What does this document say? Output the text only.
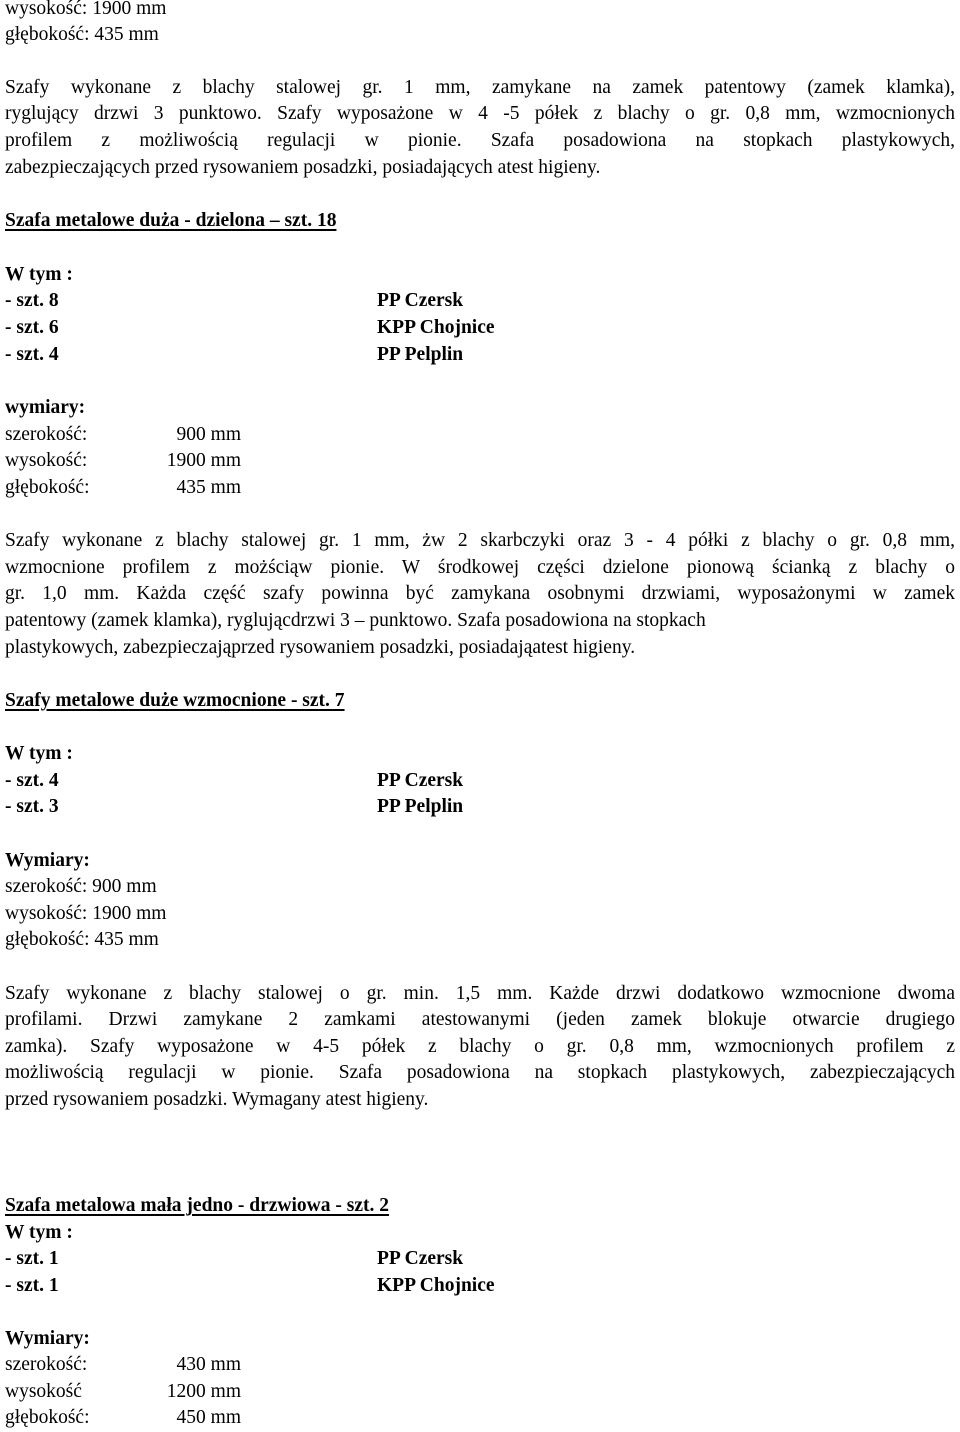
wysokość: 1900 mm
głębokość: 435 mm
Szafy wykonane z blachy stalowej gr. 1 mm, zamykane na zamek patentowy (zamek klamka),
ryglujący drzwi 3 punktowo. Szafy wyposażone w 4 -5 półek z blachy o gr. 0,8 mm, wzmocnionych
profilem z możliwością regulacji w pionie. Szafa posadowiona na stopkach plastykowych,
zabezpieczających przed rysowaniem posadzki, posiadających atest higieny.
Szafa metalowe duża - dzielona – szt. 18
W tym :
- szt. 8	PP Czersk
- szt. 6	KPP Chojnice
- szt. 4	PP Pelplin
wymiary:
szerokość:	900 mm
wysokość:	1900 mm
głębokość:	435 mm
Szafy wykonane z blachy stalowej gr. 1 mm, żw 2 skarbczyki oraz 3 - 4 półki z blachy o gr. 0,8 mm,
wzmocnione profilem z możściąw pionie. W środkowej części dzielone pionową ścianką z blachy o
gr. 1,0 mm. Każda część szafy powinna być zamykana osobnymi drzwiami, wyposażonymi w zamek
patentowy (zamek klamka), ryglującdrzwi 3 – punktowo. Szafa posadowiona na stopkach
plastykowych, zabezpieczająprzed rysowaniem posadzki, posiadająatest higieny.
Szafy metalowe duże wzmocnione - szt. 7
W tym :
- szt. 4	PP Czersk
- szt. 3	PP Pelplin
Wymiary:
szerokość: 900 mm
wysokość: 1900 mm
głębokość: 435 mm
Szafy wykonane z blachy stalowej o gr. min. 1,5 mm. Każde drzwi dodatkowo wzmocnione dwoma
profilami. Drzwi zamykane 2 zamkami atestowanymi (jeden zamek blokuje otwarcie drugiego
zamka). Szafy wyposażone w 4-5 półek z blachy o gr. 0,8 mm, wzmocnionych profilem z
możliwością regulacji w pionie. Szafa posadowiona na stopkach plastykowych, zabezpieczających
przed rysowaniem posadzki. Wymagany atest higieny.
Szafa metalowa mała jedno - drzwiowa - szt. 2
W tym :
- szt. 1	PP Czersk
- szt. 1	KPP Chojnice
Wymiary:
szerokość:	430 mm
wysokość	1200 mm
głębokość:	450 mm
